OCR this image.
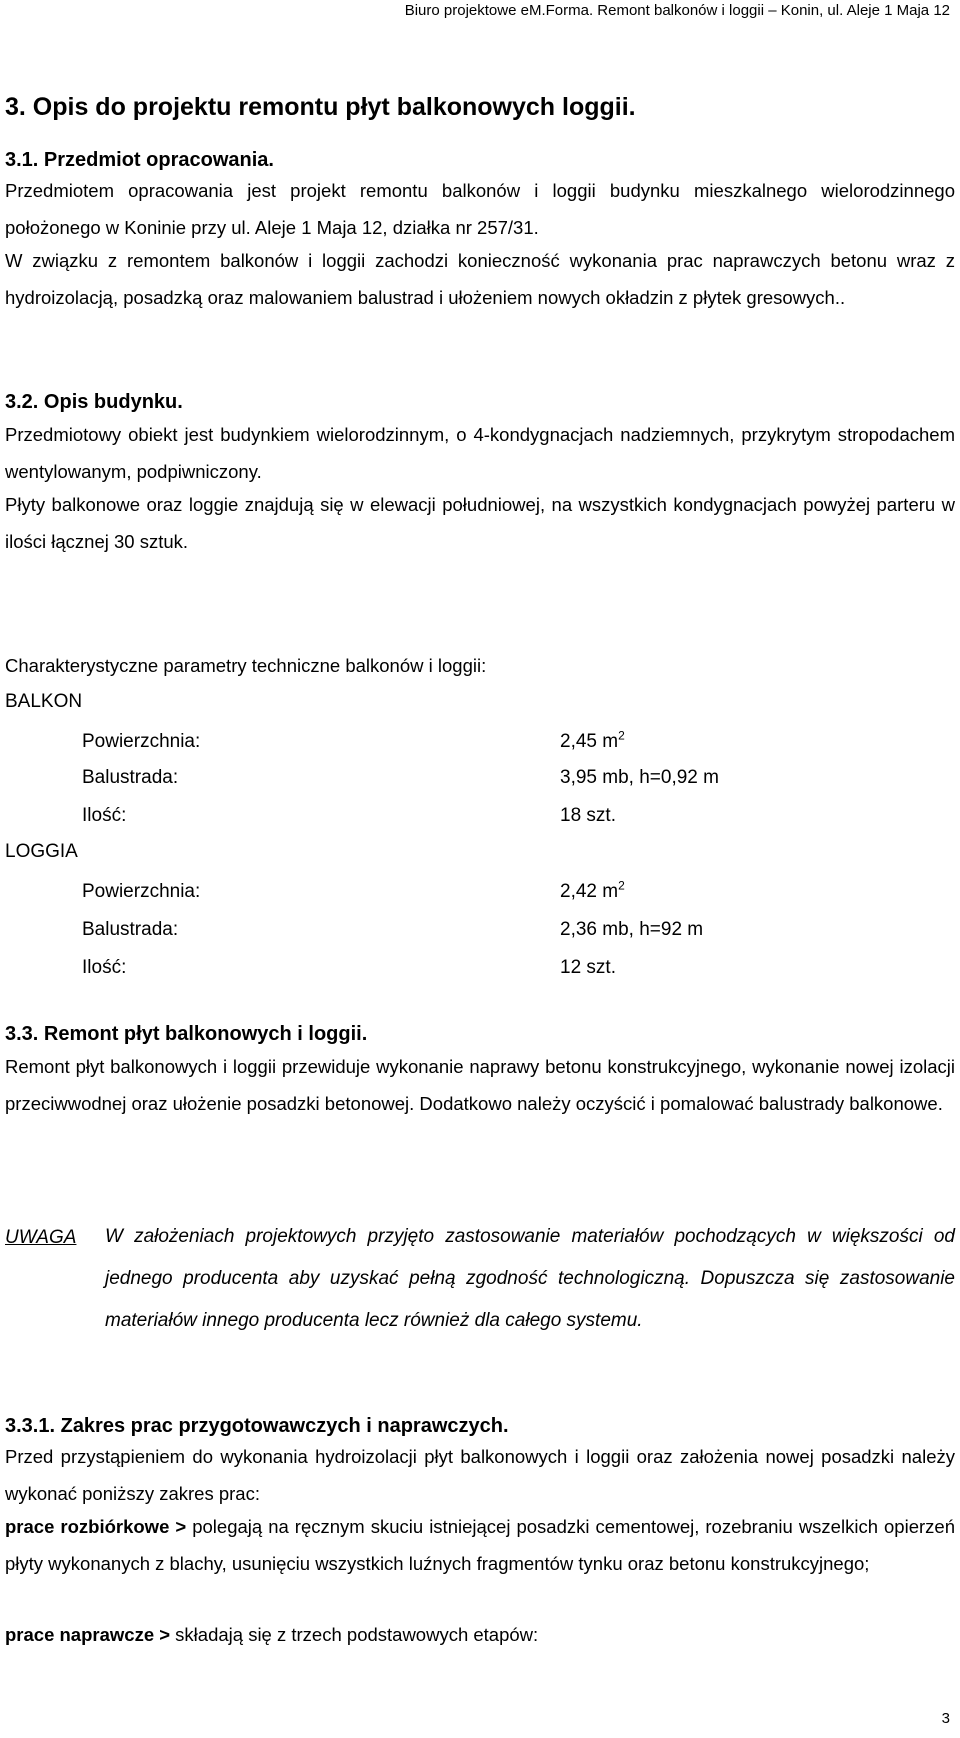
Biuro projektowe eM.Forma. Remont balkonów i loggii – Konin, ul. Aleje 1 Maja 12
3. Opis do projektu remontu płyt balkonowych loggii.
3.1. Przedmiot opracowania.
Przedmiotem opracowania jest projekt remontu balkonów i loggii budynku mieszkalnego wielorodzinnego położonego w Koninie przy ul. Aleje 1 Maja 12, działka nr 257/31.
W związku z remontem balkonów i loggii zachodzi konieczność wykonania prac naprawczych betonu wraz z hydroizolacją, posadzką oraz malowaniem balustrad i ułożeniem nowych okładzin z płytek gresowych..
3.2. Opis budynku.
Przedmiotowy obiekt jest budynkiem wielorodzinnym, o 4-kondygnacjach nadziemnych, przykrytym stropodachem wentylowanym, podpiwniczony.
Płyty balkonowe oraz loggie znajdują się w elewacji południowej, na wszystkich kondygnacjach powyżej parteru w ilości łącznej 30 sztuk.
Charakterystyczne parametry techniczne balkonów i loggii:
BALKON
Powierzchnia:	2,45 $m^2$
Balustrada:	3,95 mb, h=0,92 m
Ilość:	18 szt.
LOGGIA
Powierzchnia:	2,42 $m^2$
Balustrada:	2,36 mb, h=92 m
Ilość:	12 szt.
3.3. Remont płyt balkonowych i loggii.
Remont płyt balkonowych i loggii przewiduje wykonanie naprawy betonu konstrukcyjnego, wykonanie nowej izolacji przeciwwodnej oraz ułożenie posadzki betonowej. Dodatkowo należy oczyścić i pomalować balustrady balkonowe.
UWAGA W założeniach projektowych przyjęto zastosowanie materiałów pochodzących w większości od jednego producenta aby uzyskać pełną zgodność technologiczną. Dopuszcza się zastosowanie materiałów innego producenta lecz również dla całego systemu.
3.3.1. Zakres prac przygotowawczych i naprawczych.
Przed przystąpieniem do wykonania hydroizolacji płyt balkonowych i loggii oraz założenia nowej posadzki należy wykonać poniższy zakres prac:
prace rozbiórkowe > polegają na ręcznym skuciu istniejącej posadzki cementowej, rozebraniu wszelkich opierzeń płyty wykonanych z blachy, usunięciu wszystkich luźnych fragmentów tynku oraz betonu konstrukcyjnego;
prace naprawcze > składają się z trzech podstawowych etapów:
3
